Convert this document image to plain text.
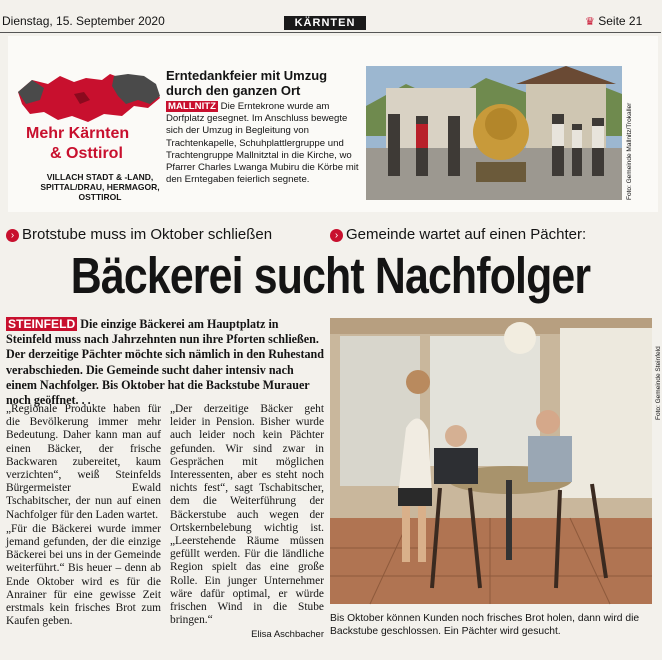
Dienstag, 15. September 2020	KÄRNTEN	♛ Seite 21
Mehr Kärnten
& Osttirol
VILLACH STADT & -LAND, SPITTAL/DRAU, HERMAGOR, OSTTIROL
Erntedankfeier mit Umzug durch den ganzen Ort
MALLNITZ Die Erntekrone wurde am Dorfplatz gesegnet. Im Anschluss bewegte sich der Umzug in Begleitung von Trachtenkapelle, Schuhplattlergruppe und Trachtengruppe Mallnitztal in die Kirche, wo Pfarrer Charles Lwanga Mubiru die Körbe mit den Erntegaben feierlich segnete.	Foto: Gemeinde Mallnitz/Trokaller
› Brotstube muss im Oktober schließen	› Gemeinde wartet auf einen Pächter:
Bäckerei sucht Nachfolger
STEINFELD Die einzige Bäckerei am Hauptplatz in Steinfeld muss nach Jahrzehnten nun ihre Pforten schließen. Der derzeitige Pächter möchte sich nämlich in den Ruhestand verabschieden. Die Gemeinde sucht daher intensiv nach einem Nachfolger. Bis Oktober hat die Backstube Murauer noch geöffnet. . .

„Regionale Produkte haben für die Bevölkerung immer mehr Bedeutung. Daher kann man auf einen Bäcker, der frische Backwaren zubereitet, kaum verzichten“, weiß Steinfelds Bürgermeister Ewald Tschabitscher, der nun auf einen Nachfolger für den Laden wartet.

„Für die Bäckerei wurde immer jemand gefunden, der die einzige Bäckerei bei uns in der Gemeinde weiterführt.“ Bis heuer – denn ab Ende Oktober wird es für die Anrainer für eine gewisse Zeit erstmals kein frisches Brot zum Kaufen geben.

„Der derzeitige Bäcker geht leider in Pension. Bisher wurde auch leider noch kein Pächter gefunden. Wir sind zwar in Gesprächen mit möglichen Interessenten, aber es steht noch nichts fest“, sagt Tschabitscher, dem die Weiterführung der Bäckerstube auch wegen der Ortskernbelebung wichtig ist. „Leerstehende Räume müssen gefüllt werden. Für die ländliche Region spielt das eine große Rolle. Ein junger Unternehmer wäre dafür optimal, er würde frischen Wind in die Stube bringen.“

Elisa Aschbacher

Foto: Gemeinde Steinfeld
Bis Oktober können Kunden noch frisches Brot holen, dann wird die Backstube geschlossen. Ein Pächter wird gesucht.
